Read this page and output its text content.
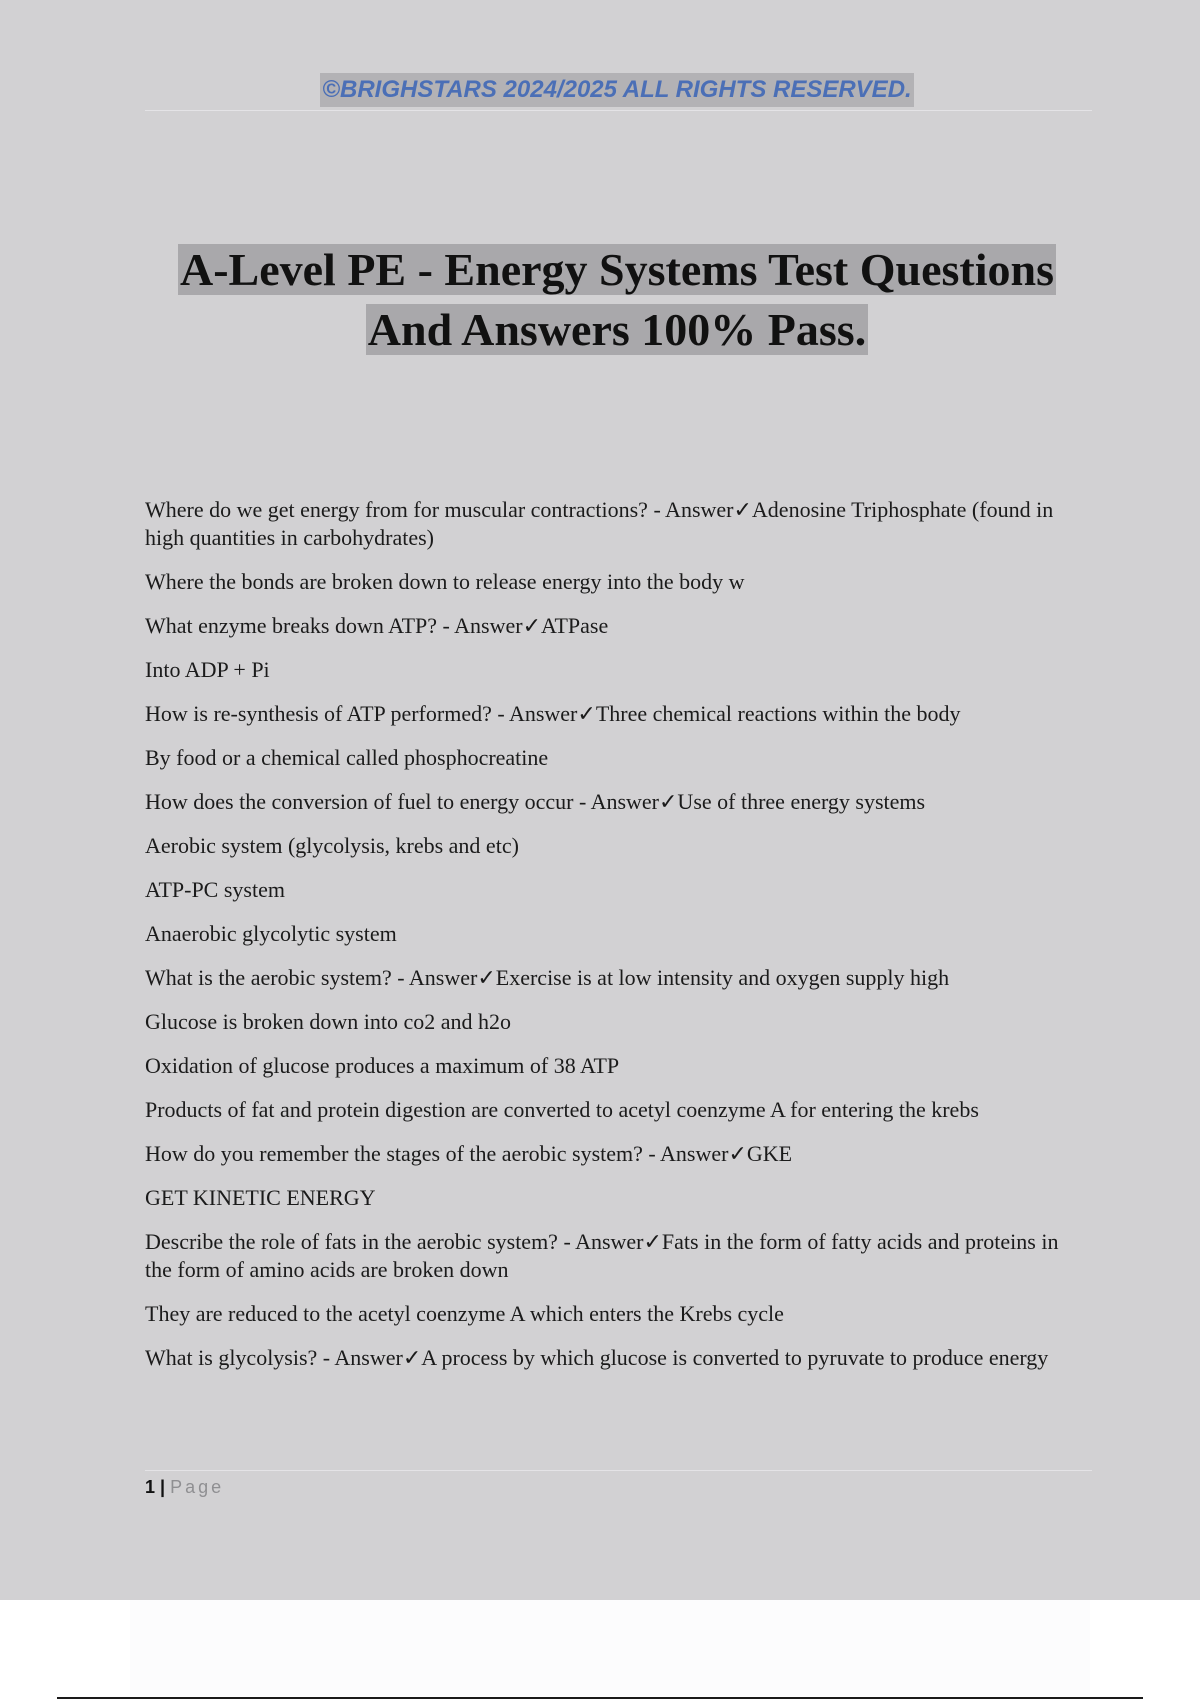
©BRIGHSTARS 2024/2025 ALL RIGHTS RESERVED.
A-Level PE - Energy Systems Test Questions
And Answers 100% Pass.

Where do we get energy from for muscular contractions? - Answer✓Adenosine Triphosphate (found in high quantities in carbohydrates)

Where the bonds are broken down to release energy into the body w

What enzyme breaks down ATP? - Answer✓ATPase

Into ADP + Pi

How is re-synthesis of ATP performed? - Answer✓Three chemical reactions within the body

By food or a chemical called phosphocreatine

How does the conversion of fuel to energy occur - Answer✓Use of three energy systems

Aerobic system (glycolysis, krebs and etc)

ATP-PC system

Anaerobic glycolytic system

What is the aerobic system? - Answer✓Exercise is at low intensity and oxygen supply high

Glucose is broken down into co2 and h2o

Oxidation of glucose produces a maximum of 38 ATP

Products of fat and protein digestion are converted to acetyl coenzyme A for entering the krebs

How do you remember the stages of the aerobic system? - Answer✓GKE

GET KINETIC ENERGY

Describe the role of fats in the aerobic system? - Answer✓Fats in the form of fatty acids and proteins in the form of amino acids are broken down

They are reduced to the acetyl coenzyme A which enters the Krebs cycle

What is glycolysis? - Answer✓A process by which glucose is converted to pyruvate to produce energy

1 | Page
